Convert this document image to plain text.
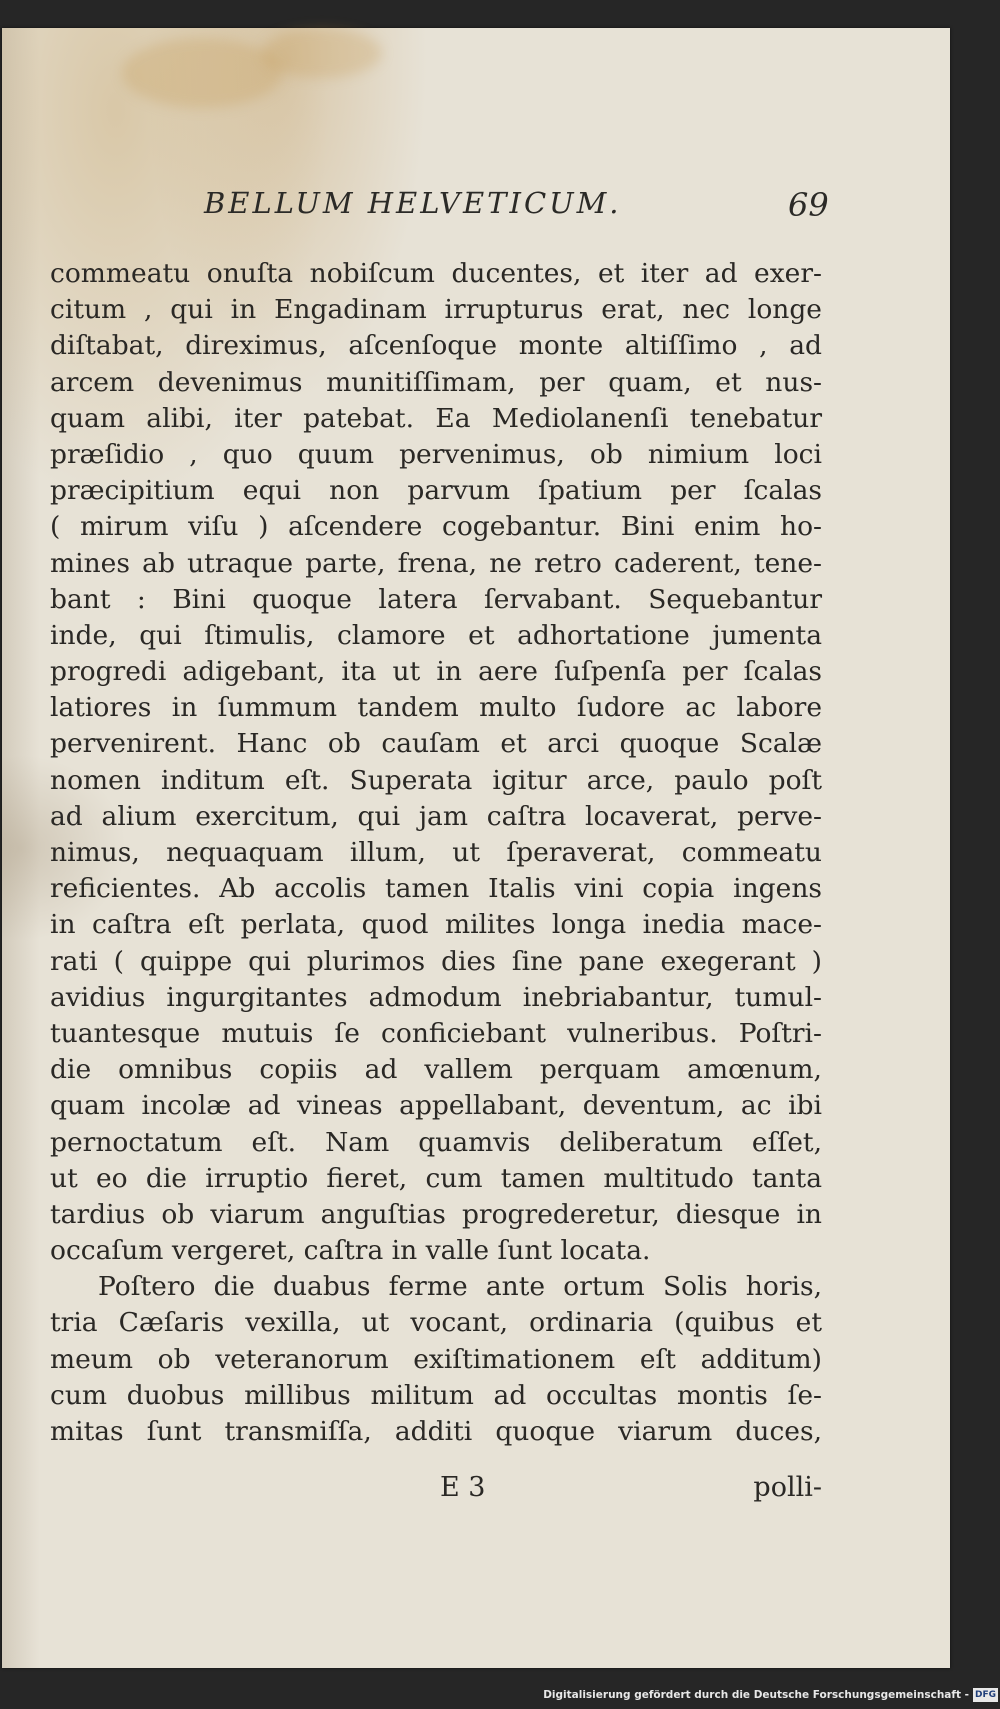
BELLUM HELVETICUM.	69
commeatu onuſta nobiſcum ducentes, et iter ad exer-
citum , qui in Engadinam irrupturus erat, nec longe
diſtabat, direximus, aſcenſoque monte altiſſimo , ad
arcem devenimus munitiſſimam, per quam, et nus-
quam alibi, iter patebat. Ea Mediolanenſi tenebatur
præſidio , quo quum pervenimus, ob nimium loci
præcipitium equi non parvum ſpatium per ſcalas
( mirum viſu ) aſcendere cogebantur. Bini enim ho-
mines ab utraque parte, frena, ne retro caderent, tene-
bant : Bini quoque latera ſervabant. Sequebantur
inde, qui ſtimulis, clamore et adhortatione jumenta
progredi adigebant, ita ut in aere ſuſpenſa per ſcalas
latiores in ſummum tandem multo ſudore ac labore
pervenirent. Hanc ob cauſam et arci quoque Scalæ
nomen inditum eſt. Superata igitur arce, paulo poſt
ad alium exercitum, qui jam caſtra locaverat, perve-
nimus, nequaquam illum, ut ſperaverat, commeatu
reficientes. Ab accolis tamen Italis vini copia ingens
in caſtra eſt perlata, quod milites longa inedia mace-
rati ( quippe qui plurimos dies ſine pane exegerant )
avidius ingurgitantes admodum inebriabantur, tumul-
tuantesque mutuis ſe conficiebant vulneribus. Poſtri-
die omnibus copiis ad vallem perquam amœnum,
quam incolæ ad vineas appellabant, deventum, ac ibi
pernoctatum eſt. Nam quamvis deliberatum eſſet,
ut eo die irruptio fieret, cum tamen multitudo tanta
tardius ob viarum anguſtias progrederetur, diesque in
occaſum vergeret, caſtra in valle ſunt locata.
Poſtero die duabus ferme ante ortum Solis horis,
tria Cæſaris vexilla, ut vocant, ordinaria (quibus et
meum ob veteranorum exiſtimationem eſt additum)
cum duobus millibus militum ad occultas montis ſe-
mitas ſunt transmiſſa, additi quoque viarum duces,
E 3	polli-
Digitalisierung gefördert durch die Deutsche Forschungsgemeinschaft - DFG
